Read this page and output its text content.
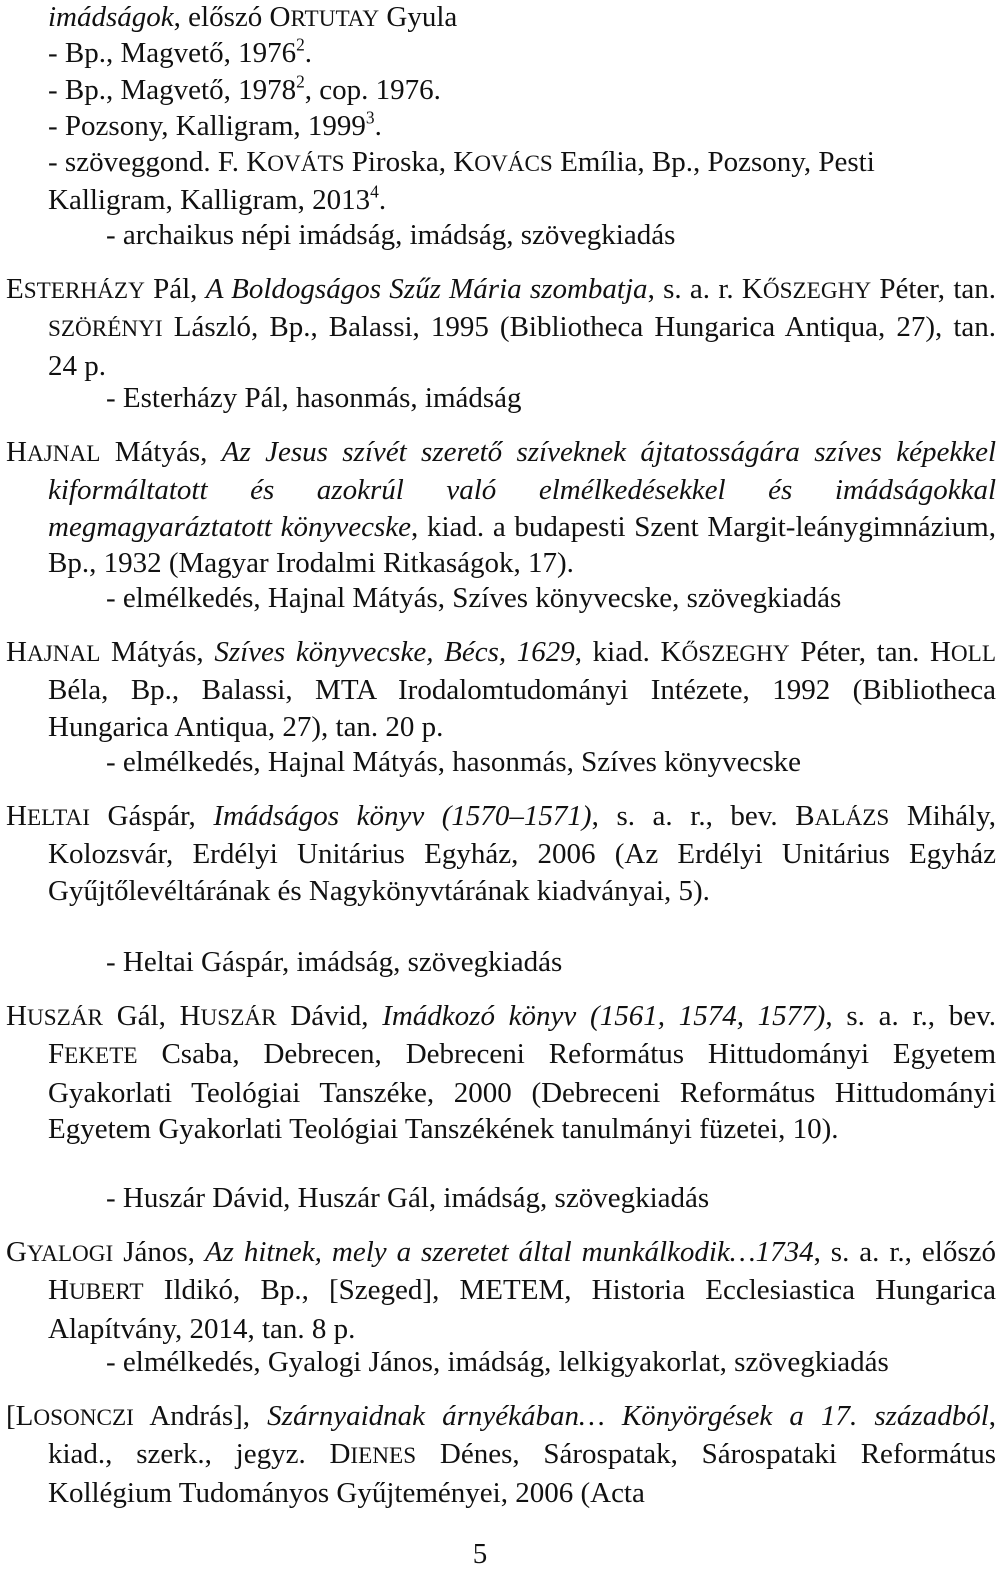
imádságok, előszó ORTUTAY Gyula
- Bp., Magvető, 1976$^2$.
- Bp., Magvető, 1978$^2$, cop. 1976.
- Pozsony, Kalligram, 1999$^3$.
- szöveggond. F. KOVÁTS Piroska, KOVÁCS Emília, Bp., Pozsony, Pesti Kalligram, Kalligram, 2013$^4$.
- archaikus népi imádság, imádság, szövegkiadás
ESTERHÁZY Pál, A Boldogságos Szűz Mária szombatja, s. a. r. KŐSZEGHY Péter, tan. SZÖRÉNYI László, Bp., Balassi, 1995 (Bibliotheca Hungarica Antiqua, 27), tan. 24 p.
- Esterházy Pál, hasonmás, imádság
HAJNAL Mátyás, Az Jesus szívét szerető szíveknek ájtatosságára szíves képekkel kiformáltatott és azokrúl való elmélkedésekkel és imádságokkal megmagyaráztatott könyvecske, kiad. a budapesti Szent Margit-leánygimnázium, Bp., 1932 (Magyar Irodalmi Ritkaságok, 17).
- elmélkedés, Hajnal Mátyás, Szíves könyvecske, szövegkiadás
HAJNAL Mátyás, Szíves könyvecske, Bécs, 1629, kiad. KŐSZEGHY Péter, tan. HOLL Béla, Bp., Balassi, MTA Irodalomtudományi Intézete, 1992 (Bibliotheca Hungarica Antiqua, 27), tan. 20 p.
- elmélkedés, Hajnal Mátyás, hasonmás, Szíves könyvecske
HELTAI Gáspár, Imádságos könyv (1570–1571), s. a. r., bev. BALÁZS Mihály, Kolozsvár, Erdélyi Unitárius Egyház, 2006 (Az Erdélyi Unitárius Egyház Gyűjtőlevéltárának és Nagykönyvtárának kiadványai, 5).
- Heltai Gáspár, imádság, szövegkiadás
HUSZÁR Gál, HUSZÁR Dávid, Imádkozó könyv (1561, 1574, 1577), s. a. r., bev. FEKETE Csaba, Debrecen, Debreceni Református Hittudományi Egyetem Gyakorlati Teológiai Tanszéke, 2000 (Debreceni Református Hittudományi Egyetem Gyakorlati Teológiai Tanszékének tanulmányi füzetei, 10).
- Huszár Dávid, Huszár Gál, imádság, szövegkiadás
GYALOGI János, Az hitnek, mely a szeretet által munkálkodik…1734, s. a. r., előszó HUBERT Ildikó, Bp., [Szeged], METEM, Historia Ecclesiastica Hungarica Alapítvány, 2014, tan. 8 p.
- elmélkedés, Gyalogi János, imádság, lelkigyakorlat, szövegkiadás
[LOSONCZI András], Szárnyaidnak árnyékában… Könyörgések a 17. századból, kiad., szerk., jegyz. DIENES Dénes, Sárospatak, Sárospataki Református Kollégium Tudományos Gyűjteményei, 2006 (Acta
5
